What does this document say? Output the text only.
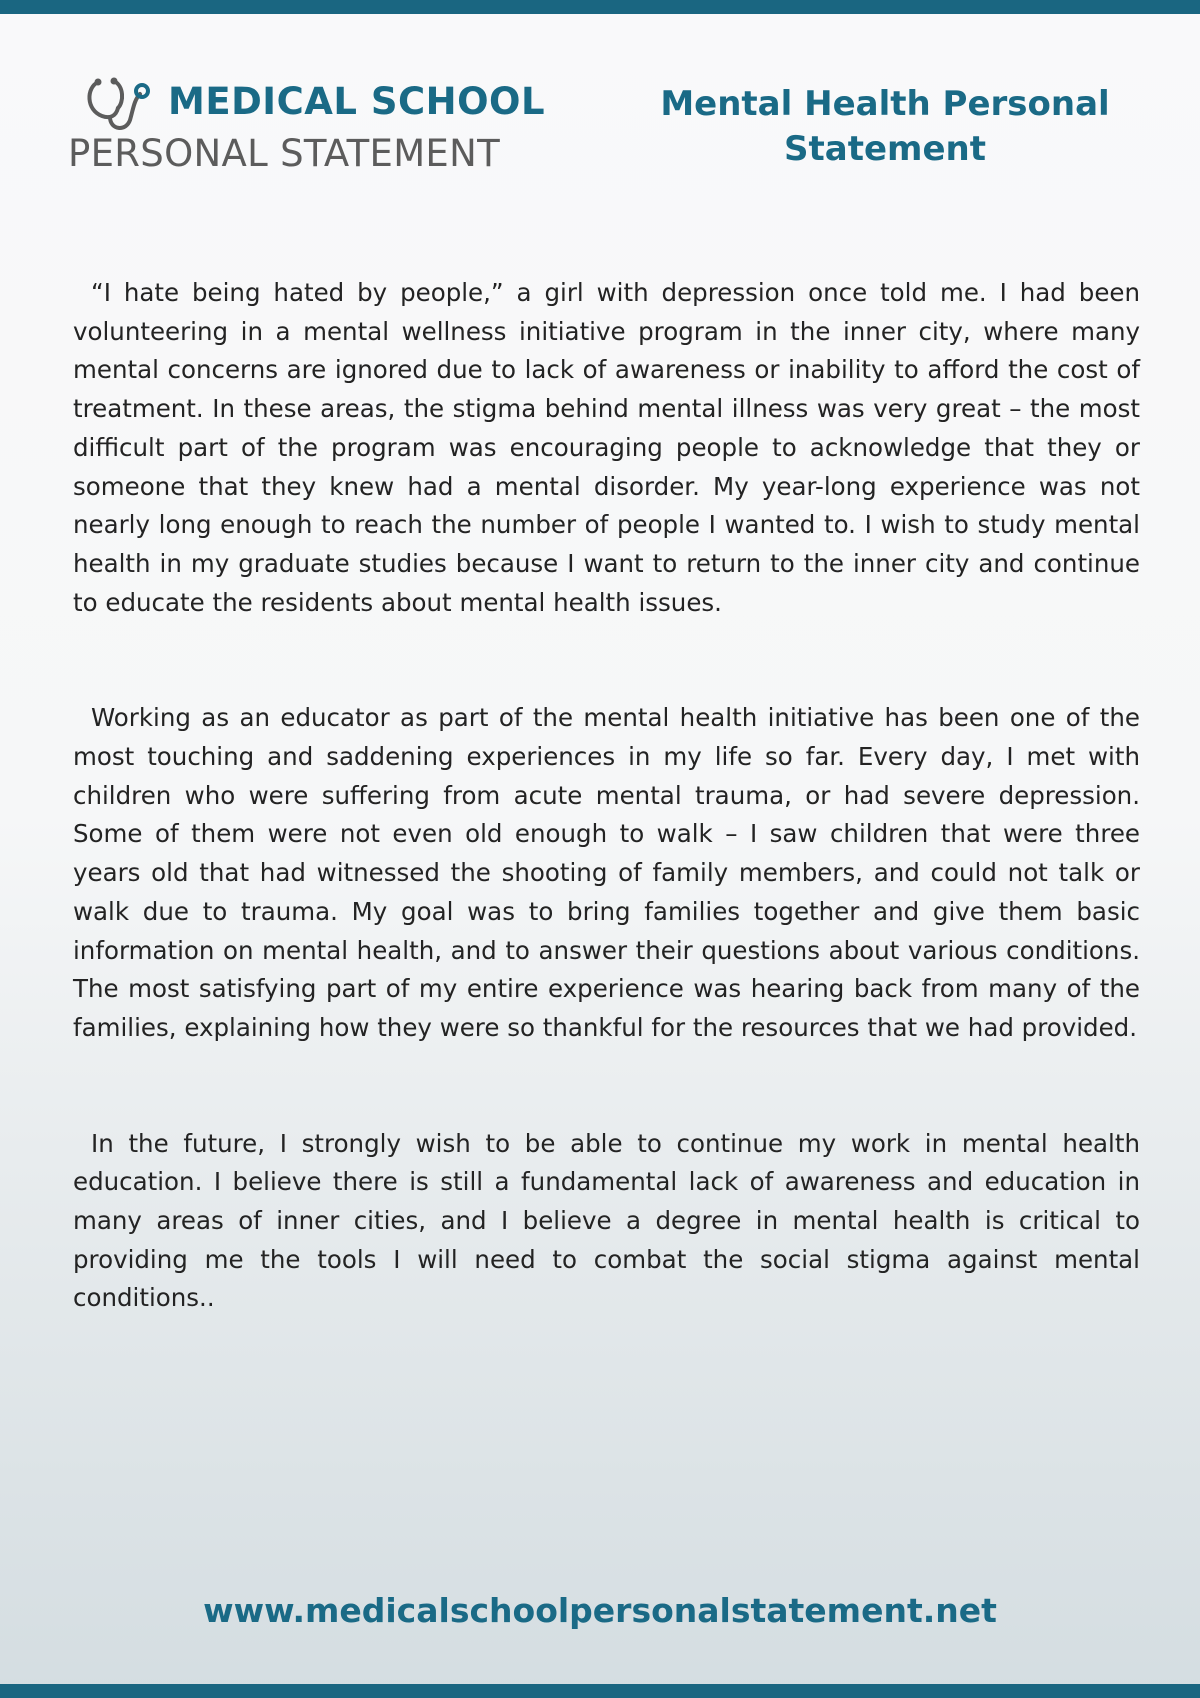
MEDICAL SCHOOL
PERSONAL STATEMENT
Mental Health Personal Statement

“I hate being hated by people,” a girl with depression once told me. I had been volunteering in a mental wellness initiative program in the inner city, where many mental concerns are ignored due to lack of awareness or inability to afford the cost of treatment. In these areas, the stigma behind mental illness was very great – the most difficult part of the program was encouraging people to acknowledge that they or someone that they knew had a mental disorder. My year-long experience was not nearly long enough to reach the number of people I wanted to. I wish to study mental health in my graduate studies because I want to return to the inner city and continue to educate the residents about mental health issues.

Working as an educator as part of the mental health initiative has been one of the most touching and saddening experiences in my life so far. Every day, I met with children who were suffering from acute mental trauma, or had severe depression. Some of them were not even old enough to walk – I saw children that were three years old that had witnessed the shooting of family members, and could not talk or walk due to trauma. My goal was to bring families together and give them basic information on mental health, and to answer their questions about various conditions. The most satisfying part of my entire experience was hearing back from many of the families, explaining how they were so thankful for the resources that we had provided.

In the future, I strongly wish to be able to continue my work in mental health education. I believe there is still a fundamental lack of awareness and education in many areas of inner cities, and I believe a degree in mental health is critical to providing me the tools I will need to combat the social stigma against mental conditions..

www.medicalschoolpersonalstatement.net
